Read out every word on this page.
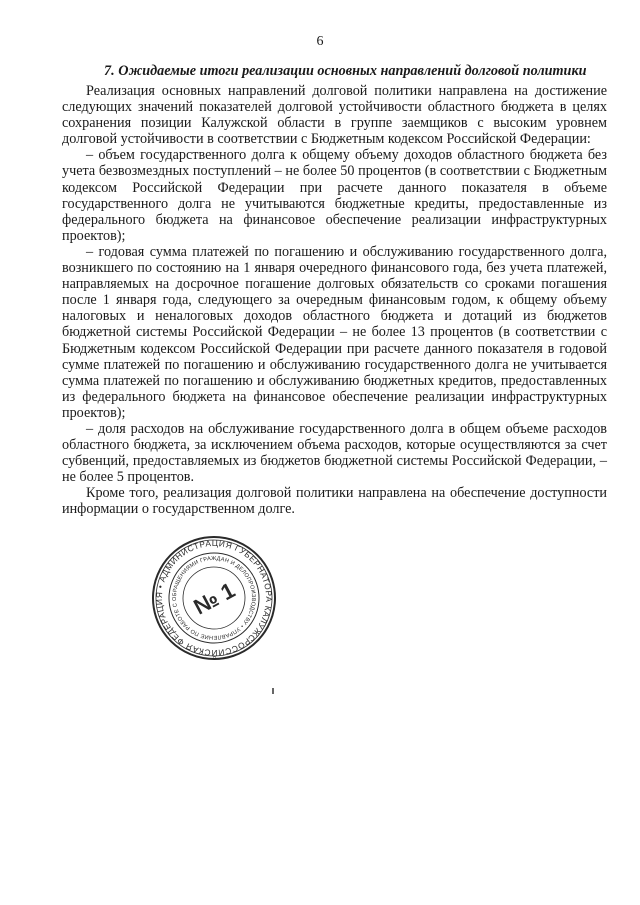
6
7. Ожидаемые итоги реализации основных направлений долговой политики

Реализация основных направлений долговой политики направлена на достижение следующих значений показателей долговой устойчивости областного бюджета в целях сохранения позиции Калужской области в группе заемщиков с высоким уровнем долговой устойчивости в соответствии с Бюджетным кодексом Российской Федерации:

– объем государственного долга к общему объему доходов областного бюджета без учета безвозмездных поступлений – не более 50 процентов (в соответствии с Бюджетным кодексом Российской Федерации при расчете данного показателя в объеме государственного долга не учитываются бюджетные кредиты, предоставленные из федерального бюджета на финансовое обеспечение реализации инфраструктурных проектов);

– годовая сумма платежей по погашению и обслуживанию государственного долга, возникшего по состоянию на 1 января очередного финансового года, без учета платежей, направляемых на досрочное погашение долговых обязательств со сроками погашения после 1 января года, следующего за очередным финансовым годом, к общему объему налоговых и неналоговых доходов областного бюджета и дотаций из бюджетов бюджетной системы Российской Федерации – не более 13 процентов (в соответствии с Бюджетным кодексом Российской Федерации при расчете данного показателя в годовой сумме платежей по погашению и обслуживанию государственного долга не учитывается сумма платежей по погашению и обслуживанию бюджетных кредитов, предоставленных из федерального бюджета на финансовое обеспечение реализации инфраструктурных проектов);

– доля расходов на обслуживание государственного долга в общем объеме расходов областного бюджета, за исключением объема расходов, которые осуществляются за счет субвенций, предоставляемых из бюджетов бюджетной системы Российской Федерации, – не более 5 процентов.

Кроме того, реализация долговой политики направлена на обеспечение доступности информации о государственном долге.

РОССИЙСКАЯ ФЕДЕРАЦИЯ • АДМИНИСТРАЦИЯ ГУБЕРНАТОРА КАЛУЖСКОЙ
УПРАВЛЕНИЕ ПО РАБОТЕ С ОБРАЩЕНИЯМИ ГРАЖДАН И ДЕЛОПРОИЗВОДСТВУ •
№ 1
